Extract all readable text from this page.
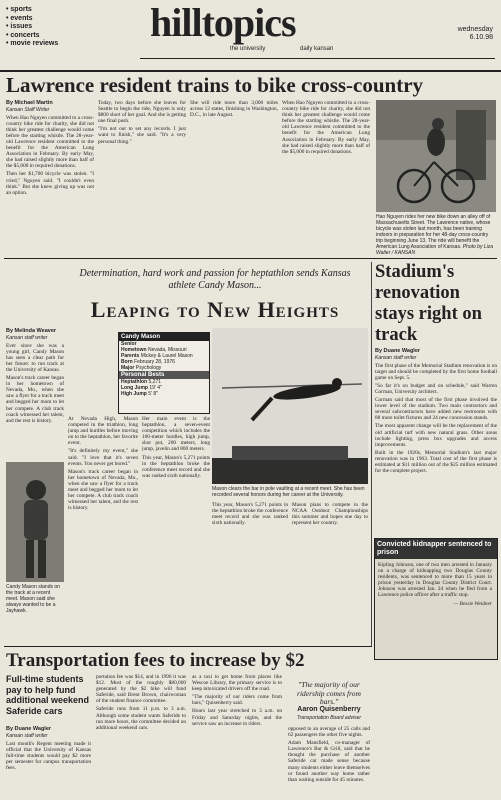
• sports
• events
• issues
• concerts
• movie reviews hilltopics
the university	daily kansan
wednesday
6.10.98
Lawrence resident trains to bike cross-country
By Michael Martin
Kansan Staff Writer

When Hao Nguyen committed to a cross-country bike ride for charity, she did not think her greatest challenge would come before the starting whistle. The 28-year-old Lawrence resident committed to the benefit for the American Lung Association in February. By early May, she had raised slightly more than half of the $5,000 in required donations.

Then her $1,700 bicycle was stolen. "I cried," Nguyen said. "I couldn't even think." But she knew giving up was not an option.

Today, two days before she leaves for Seattle to begin the ride, Nguyen is only $800 short of her goal. And she is getting one final push.

"I'm not out to set any records. I just want to finish," she said. "It's a very personal thing."

She will ride more than 3,000 miles across 12 states, finishing in Washington, D.C., in late August.

When Hao Nguyen committed to a cross-country bike ride for charity, she did not think her greatest challenge would come before the starting whistle. The 28-year-old Lawrence resident committed to the benefit for the American Lung Association in February. By early May, she had raised slightly more than half of the $5,000 in required donations.

Hao Nguyen rides her new bike down an alley off of Massachusetts Street. The Lawrence native, whose bicycle was stolen last month, has been training indoors in preparation for her 48-day cross-country trip beginning June 13. The ride will benefit the American Lung Association of Kansas. Photo by Liza Walter / KANSAN
Determination, hard work and passion for heptathlon sends Kansas athlete Candy Mason...
Leaping to New Heights
By Melinda Weaver
Kansan staff writer

Ever since she was a young girl, Candy Mason has seen a clear path for her future: to run track at the University of Kansas.

Mason's track career began in her hometown of Nevada, Mo., when she saw a flyer for a track meet and begged her mom to let her compete. A club track coach witnessed her talent, and the rest is history.

Candy Mason
Senior
Hometown Nevada, Missouri
Parents Mickey & Laurel Mason
Born February 28, 1976
Major Psychology
Personal Bests
Heptathlon 5,271
Long Jump 19' 4"
High Jump 5' 8"
Candy Mason stands on the track at a recent meet. Mason said she always wanted to be a Jayhawk.

At Nevada High, Mason competed in the triathlon, long jump and hurdles before moving on to the heptathlon, her favorite event.

"It's definitely my event," she said. "I love that it's seven events. You never get bored."

Mason's track career began in her hometown of Nevada, Mo., when she saw a flyer for a track meet and begged her mom to let her compete. A club track coach witnessed her talent, and the rest is history.

Her main event is the heptathlon, a seven-event competition which includes the 100-meter hurdles, high jump, shot put, 200 meters, long jump, javelin and 800 meters.

This year, Mason's 5,271 points in the heptathlon broke the conference meet record and she was ranked sixth nationally.

Mason clears the bar in pole vaulting at a recent meet. She has been recorded several honors during her career at the University.

This year, Mason's 5,271 points in the heptathlon broke the conference meet record and she was ranked sixth nationally.

Mason plans to compete in the NCAA Outdoor Championships this summer and hopes one day to represent her country.

Stadium's renovation stays right on track
By Duane Wagler
Kansan staff writer

The first phase of the Memorial Stadium renovation is on target and should be completed by the first home football game on Sept. 5.

"So far it's on budget and on schedule," said Warren Corman, University architect.

Corman said that most of the first phase involved the lower level of the stadium. Two main contractors and several subcontractors have added new restrooms with 88 more toilet fixtures and 24 new concession stands.

The most apparent change will be the replacement of the old artificial turf with new natural grass. Other areas include lighting, press box upgrades and access improvements.

Built in the 1920s, Memorial Stadium's last major renovation was in 1963. Total cost of the first phase is estimated at $11 million out of the $25 million estimated for the complete project.

Convicted kidnapper sentenced to prison

Kipling Johnson, one of two men arrested in January on a charge of kidnapping two Douglas County residents, was sentenced to more than 15 years in prison yesterday in Douglas County District Court. Johnson was arrested Jan. 24 when he fled from a Lawrence police officer after a traffic stop.

— Bessie Weidner

Transportation fees to increase by $2
Full-time students pay to help fund additional weekend Saferide cars
By Duane Wagler
Kansan staff writer

Last month's Regent meeting made it official that the University of Kansas full-time students would pay $2 more per semester for campus transportation fees.

portation fee was $14, and in 1996 it was $12. Most of the roughly $80,000 generated by the $2 hike will fund Saferide, said Brent Brown, chairwoman of the student finance committee.

Saferide runs from 11 p.m. to 3 a.m. Although some student wants Saferide to run more hours, the committee decided on additional weekend cars.

as a taxi to get home from places like Wescoe Library, the primary service is to keep intoxicated drivers off the road.

"The majority of our riders come from bars," Quisenberry said.

Hours last year stretched to 3 a.m. on Friday and Saturday nights, and the service saw an increase in riders.

"The majority of our ridership comes from bars."
Aaron Quisenberry
Transportation Board adviser

opposed to an average of 25 calls and 62 passengers the other five nights.

Adam Mansfield, co-manager of Lawrence's Bar & Grill, said that he thought the purchase of another Saferide car made sense because many students either leave themselves or found another way home rather than waiting outside for 45 minutes.
